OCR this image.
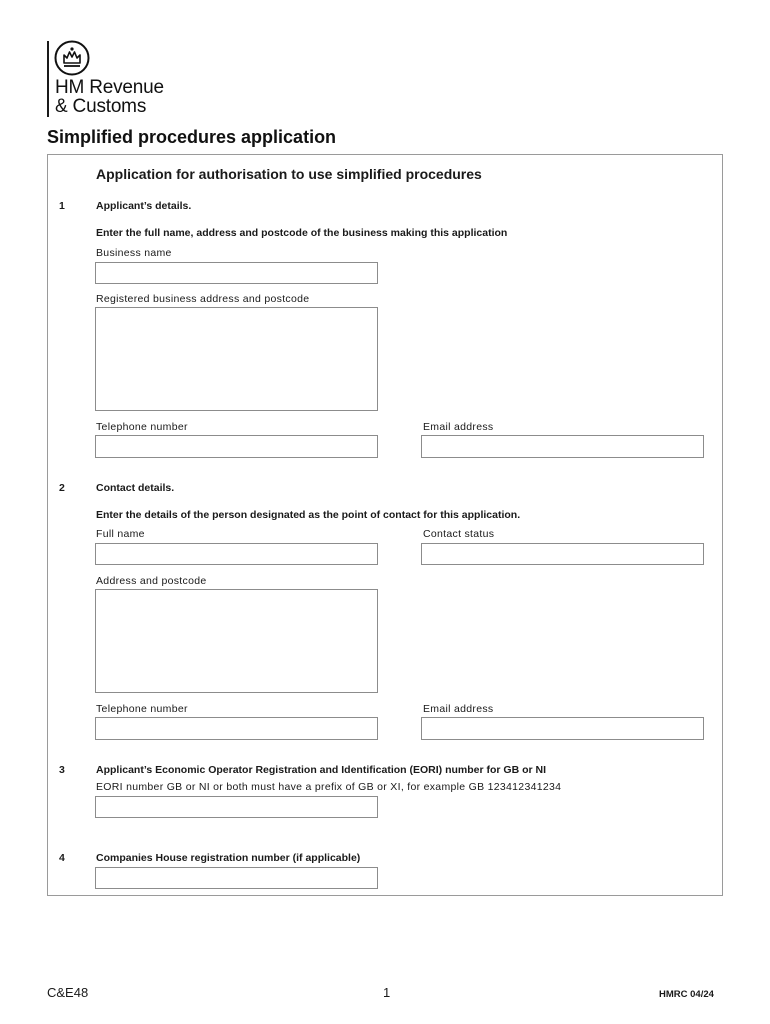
HM Revenue
& Customs
Simplified procedures application
Application for authorisation to use simplified procedures
1	Applicant’s details.
Enter the full name, address and postcode of the business making this application
Business name
Registered business address and postcode
Telephone number	Email address
2	Contact details.
Enter the details of the person designated as the point of contact for this application.
Full name	Contact status
Address and postcode
Telephone number	Email address
3	Applicant’s Economic Operator Registration and Identification (EORI) number for GB or NI
EORI number GB or NI or both must have a prefix of GB or XI, for example GB 123412341234
4	Companies House registration number (if applicable)
C&E48	1	HMRC 04/24
